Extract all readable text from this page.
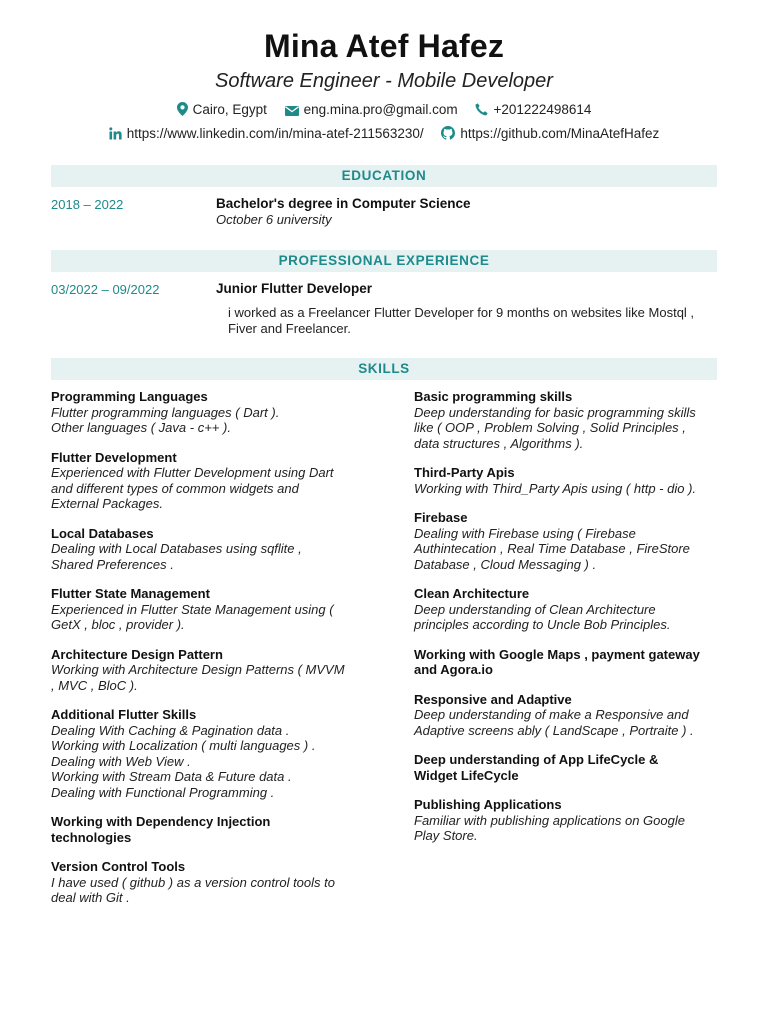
Mina Atef Hafez
Software Engineer - Mobile Developer
Cairo, Egypt	eng.mina.pro@gmail.com	+201222498614
https://www.linkedin.com/in/mina-atef-211563230/	https://github.com/MinaAtefHafez
EDUCATION
2018 – 2022	Bachelor's degree in Computer Science
October 6 university
PROFESSIONAL EXPERIENCE
03/2022 – 09/2022	Junior Flutter Developer
i worked as a Freelancer Flutter Developer for 9 months on websites like Mostql , Fiver and Freelancer.
SKILLS
Programming Languages
Flutter programming languages ( Dart ).
Other languages ( Java - c++ ).
Flutter Development
Experienced with Flutter Development using Dart
and different types of common widgets and
External Packages.
Local Databases
Dealing with Local Databases using sqflite ,
Shared Preferences .
Flutter State Management
Experienced in Flutter State Management using (
GetX , bloc , provider ).
Architecture Design Pattern
Working with Architecture Design Patterns ( MVVM
, MVC , BloC ).
Additional Flutter Skills
Dealing With Caching & Pagination data .
Working with Localization ( multi languages ) .
Dealing with Web View .
Working with Stream Data & Future data .
Dealing with Functional Programming .
Working with Dependency Injection
technologies
Version Control Tools
I have used ( github ) as a version control tools to
deal with Git .
Basic programming skills
Deep understanding for basic programming skills
like ( OOP , Problem Solving , Solid Principles ,
data structures , Algorithms ).
Third-Party Apis
Working with Third_Party Apis using ( http - dio ).
Firebase
Dealing with Firebase using ( Firebase
Authintecation , Real Time Database , FireStore
Database , Cloud Messaging ) .
Clean Architecture
Deep understanding of Clean Architecture
principles according to Uncle Bob Principles.
Working with Google Maps , payment gateway
and Agora.io
Responsive and Adaptive
Deep understanding of make a Responsive and
Adaptive screens ably ( LandScape , Portraite ) .
Deep understanding of App LifeCycle &
Widget LifeCycle
Publishing Applications
Familiar with publishing applications on Google
Play Store.
